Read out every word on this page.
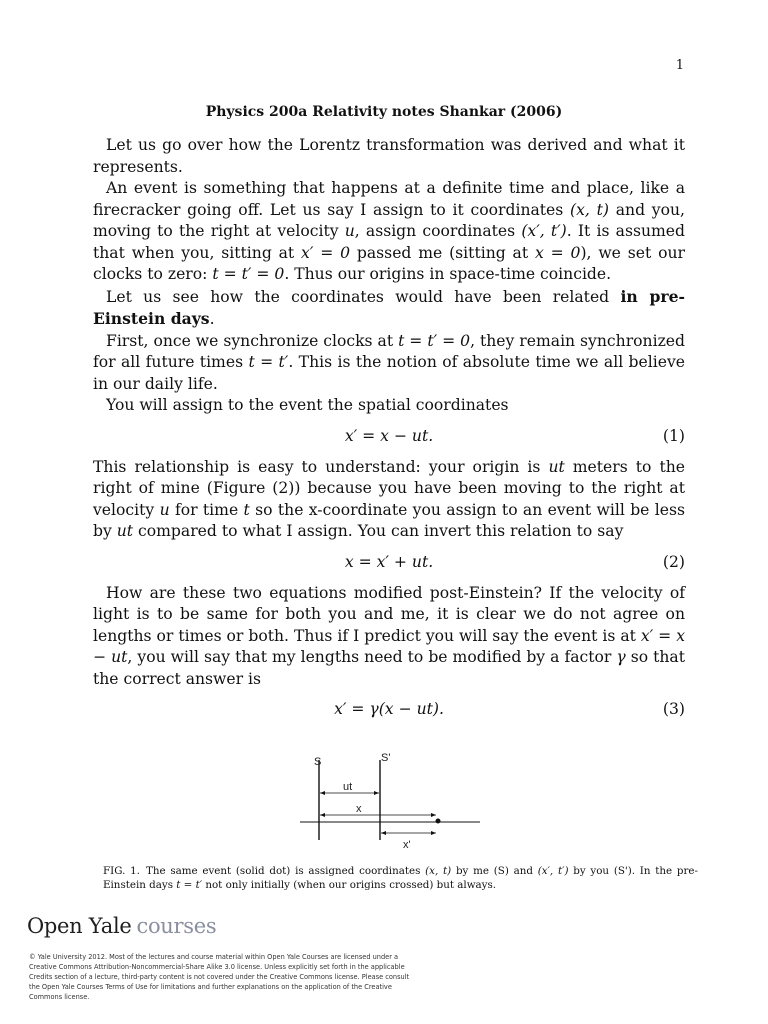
1
Physics 200a Relativity notes Shankar (2006)

Let us go over how the Lorentz transformation was derived and what it represents.

An event is something that happens at a definite time and place, like a firecracker going off. Let us say I assign to it coordinates (x, t) and you, moving to the right at velocity u, assign coordinates (x′, t′). It is assumed that when you, sitting at x′ = 0 passed me (sitting at x = 0), we set our clocks to zero: t = t′ = 0. Thus our origins in space-time coincide.

Let us see how the coordinates would have been related in pre-Einstein days.

First, once we synchronize clocks at t = t′ = 0, they remain synchronized for all future times t = t′. This is the notion of absolute time we all believe in our daily life.

You will assign to the event the spatial coordinates

x′ = x − ut.	(1)

This relationship is easy to understand: your origin is ut meters to the right of mine (Figure (2)) because you have been moving to the right at velocity u for time t so the x-coordinate you assign to an event will be less by ut compared to what I assign. You can invert this relation to say

x = x′ + ut.	(2)

How are these two equations modified post-Einstein? If the velocity of light is to be same for both you and me, it is clear we do not agree on lengths or times or both. Thus if I predict you will say the event is at x′ = x − ut, you will say that my lengths need to be modified by a factor γ so that the correct answer is

x′ = γ(x − ut).	(3)
S	S'
ut
x
x'
FIG. 1. The same event (solid dot) is assigned coordinates (x, t) by me (S) and (x′, t′) by you (S'). In the pre-Einstein days t = t′ not only initially (when our origins crossed) but always.
Open Yale courses
© Yale University 2012. Most of the lectures and course material within Open Yale Courses are licensed under a Creative Commons Attribution-Noncommercial-Share Alike 3.0 license. Unless explicitly set forth in the applicable Credits section of a lecture, third-party content is not covered under the Creative Commons license. Please consult the Open Yale Courses Terms of Use for limitations and further explanations on the application of the Creative Commons license.
